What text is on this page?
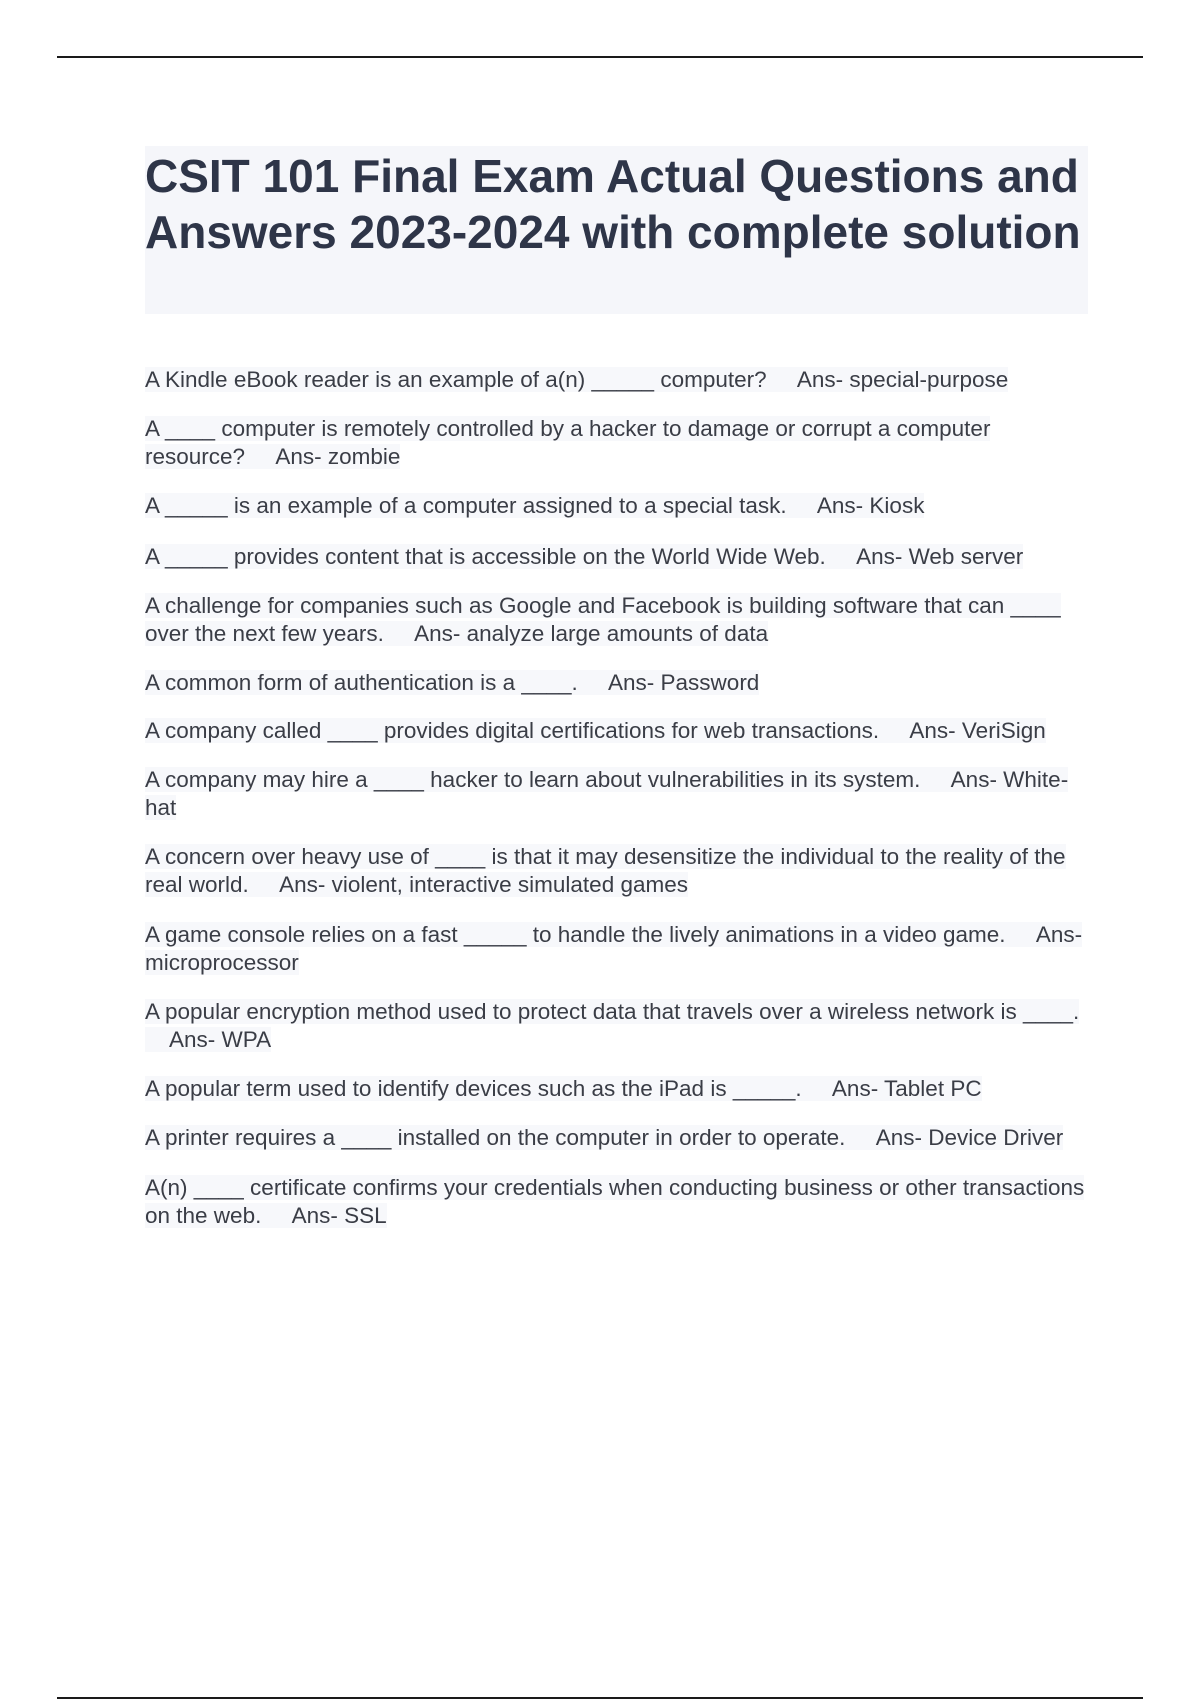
CSIT 101 Final Exam Actual Questions and Answers 2023-2024 with complete solution
A Kindle eBook reader is an example of a(n) _____ computer? Ans- special-purpose
A ____ computer is remotely controlled by a hacker to damage or corrupt a computer resource? Ans- zombie
A _____ is an example of a computer assigned to a special task. Ans- Kiosk
A _____ provides content that is accessible on the World Wide Web. Ans- Web server
A challenge for companies such as Google and Facebook is building software that can ____ over the next few years. Ans- analyze large amounts of data
A common form of authentication is a ____. Ans- Password
A company called ____ provides digital certifications for web transactions. Ans- VeriSign
A company may hire a ____ hacker to learn about vulnerabilities in its system. Ans- White-hat
A concern over heavy use of ____ is that it may desensitize the individual to the reality of the real world. Ans- violent, interactive simulated games
A game console relies on a fast _____ to handle the lively animations in a video game. Ans- microprocessor
A popular encryption method used to protect data that travels over a wireless network is ____. Ans- WPA
A popular term used to identify devices such as the iPad is _____. Ans- Tablet PC
A printer requires a ____ installed on the computer in order to operate. Ans- Device Driver
A(n) ____ certificate confirms your credentials when conducting business or other transactions on the web. Ans- SSL
